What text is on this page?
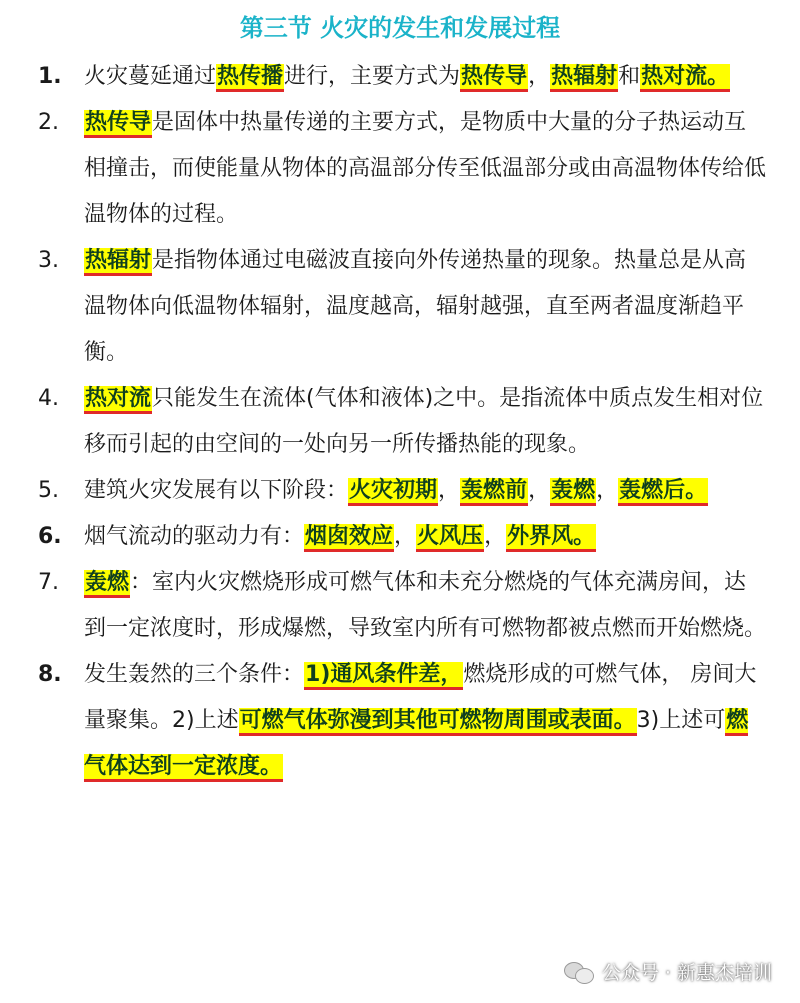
第三节 火灾的发生和发展过程
1. 火灾蔓延通过热传播进行，主要方式为热传导，热辐射和热对流。
2. 热传导是固体中热量传递的主要方式，是物质中大量的分子热运动互相撞击，而使能量从物体的高温部分传至低温部分或由高温物体传给低温物体的过程。
3. 热辐射是指物体通过电磁波直接向外传递热量的现象。热量总是从高温物体向低温物体辐射，温度越高，辐射越强，直至两者温度渐趋平衡。
4. 热对流只能发生在流体(气体和液体)之中。是指流体中质点发生相对位移而引起的由空间的一处向另一所传播热能的现象。
5. 建筑火灾发展有以下阶段：火灾初期，轰燃前，轰燃，轰燃后。
6. 烟气流动的驱动力有：烟囱效应，火风压，外界风。
7. 轰燃：室内火灾燃烧形成可燃气体和未充分燃烧的气体充满房间，达到一定浓度时，形成爆燃，导致室内所有可燃物都被点燃而开始燃烧。
8. 发生轰然的三个条件：1)通风条件差，燃烧形成的可燃气体， 房间大量聚集。2)上述可燃气体弥漫到其他可燃物周围或表面。3)上述可燃气体达到一定浓度。
公众号 · 新惠杰培训
